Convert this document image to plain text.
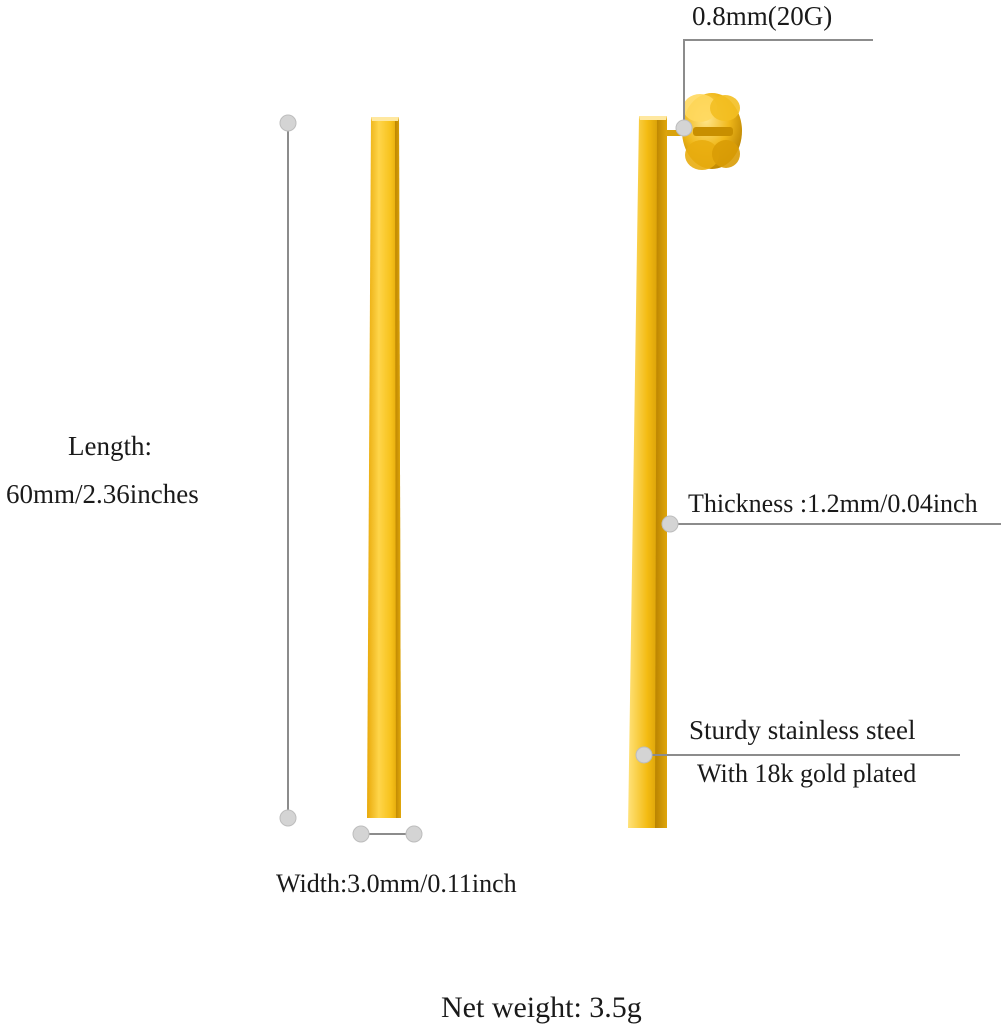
0.8mm(20G)
Length:
60mm/2.36inches	Thickness :1.2mm/0.04inch
Sturdy stainless steel
With 18k gold plated
Width:3.0mm/0.11inch
Net weight: 3.5g
